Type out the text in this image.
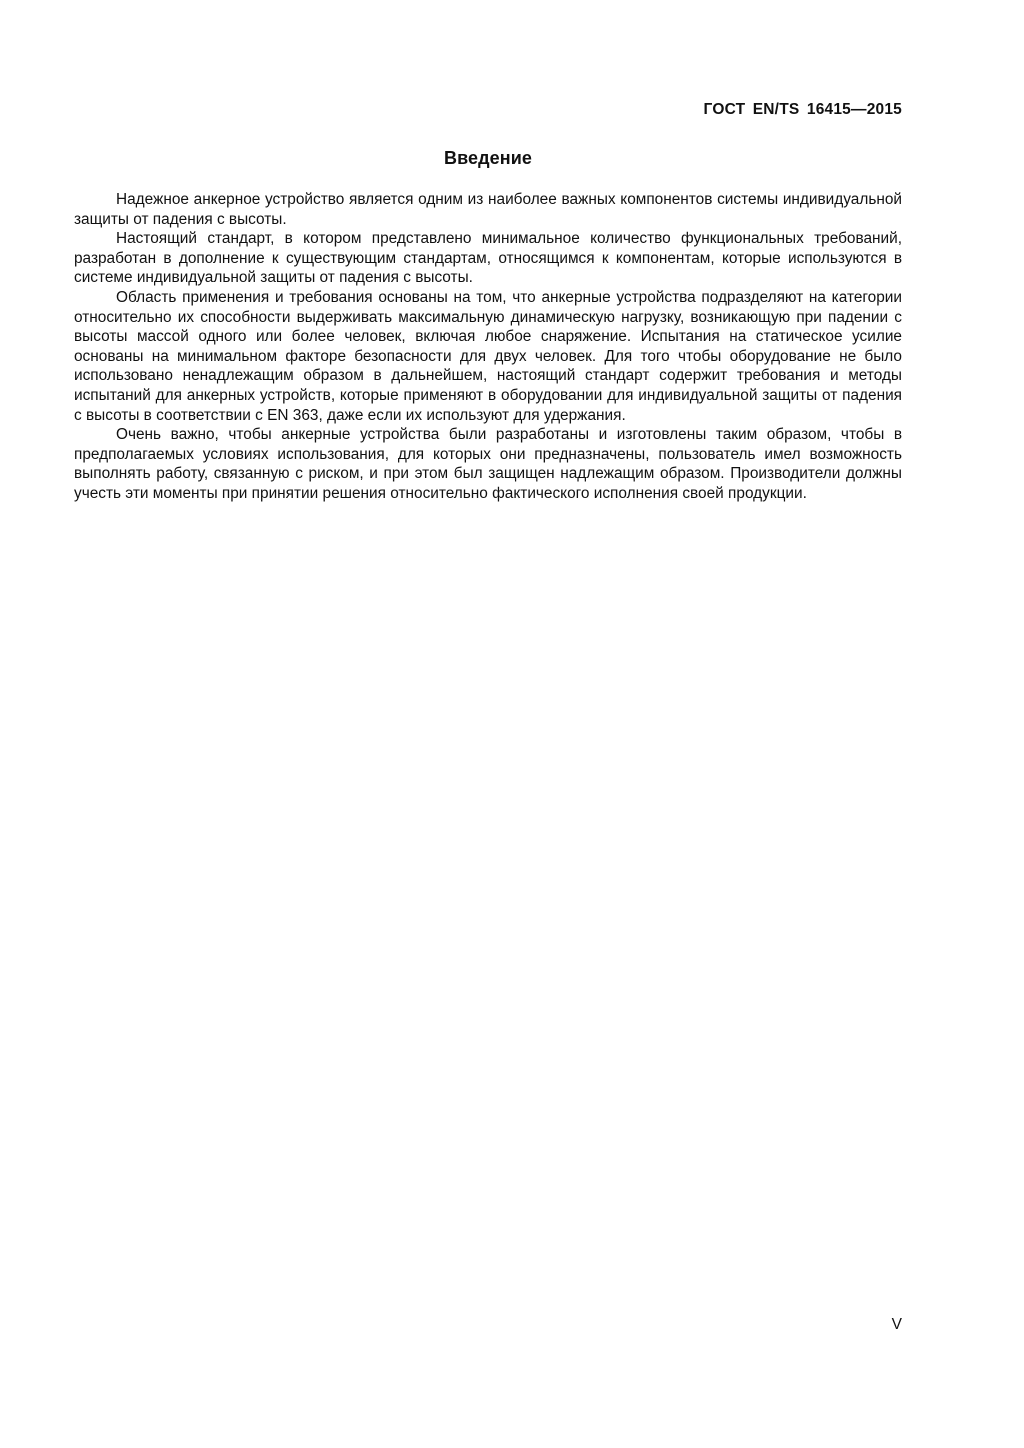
ГОСТ EN/TS 16415—2015
Введение

Надежное анкерное устройство является одним из наиболее важных компонентов системы индивидуальной защиты от падения с высоты.

Настоящий стандарт, в котором представлено минимальное количество функциональных требований, разработан в дополнение к существующим стандартам, относящимся к компонентам, которые используются в системе индивидуальной защиты от падения с высоты.

Область применения и требования основаны на том, что анкерные устройства подразделяют на категории относительно их способности выдерживать максимальную динамическую нагрузку, возникающую при падении с высоты массой одного или более человек, включая любое снаряжение. Испытания на статическое усилие основаны на минимальном факторе безопасности для двух человек. Для того чтобы оборудование не было использовано ненадлежащим образом в дальнейшем, настоящий стандарт содержит требования и методы испытаний для анкерных устройств, которые применяют в оборудовании для индивидуальной защиты от падения с высоты в соответствии с EN 363, даже если их используют для удержания.

Очень важно, чтобы анкерные устройства были разработаны и изготовлены таким образом, чтобы в предполагаемых условиях использования, для которых они предназначены, пользователь имел возможность выполнять работу, связанную с риском, и при этом был защищен надлежащим образом. Производители должны учесть эти моменты при принятии решения относительно фактического исполнения своей продукции.

V
